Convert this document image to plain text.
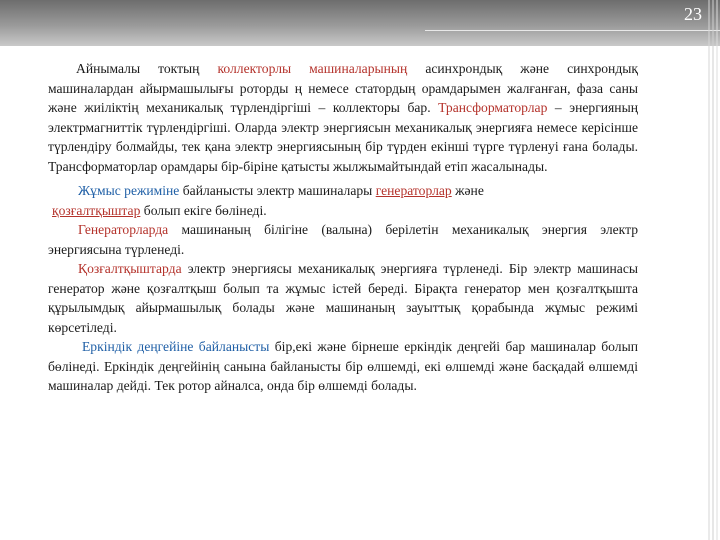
23

Айнымалы токтың коллекторлы машиналарының асинхрондық және синхрондық машиналардан айырмашылығы роторды ң немесе статордың орамдарымен жалғанған, фаза саны және жиіліктің механикалық түрлендіргіші – коллекторы бар. Трансформаторлар – энергияның электрмагниттік түрлендіргіші. Оларда электр энергиясын механикалық энергияға немесе керісінше түрлендіру болмайды, тек қана электр энергиясының бір түрден екінші түрге түрленуі ғана болады. Трансформаторлар орамдары бір-біріне қатысты жылжымайтындай етіп жасалынады.

Жұмыс режиміне байланысты электр машиналары генераторлар және
қозғалтқыштар болып екіге бөлінеді.

Генераторларда машинаның білігіне (валына) берілетін механикалық энергия электр энергиясына түрленеді.

Қозғалтқыштарда электр энергиясы механикалық энергияға түрленеді. Бір электр машинасы генератор және қозғалтқыш болып та жұмыс істей береді. Бірақта генератор мен қозғалтқышта құрылымдық айырмашылық болады және машинаның зауыттық қорабында жұмыс режимі көрсетіледі.

Еркіндік деңгейіне байланысты бір,екі және бірнеше еркіндік деңгейі бар машиналар болып бөлінеді. Еркіндік деңгейінің санына байланысты бір өлшемді, екі өлшемді және басқадай өлшемді машиналар дейді. Тек ротор айналса, онда бір өлшемді болады.
